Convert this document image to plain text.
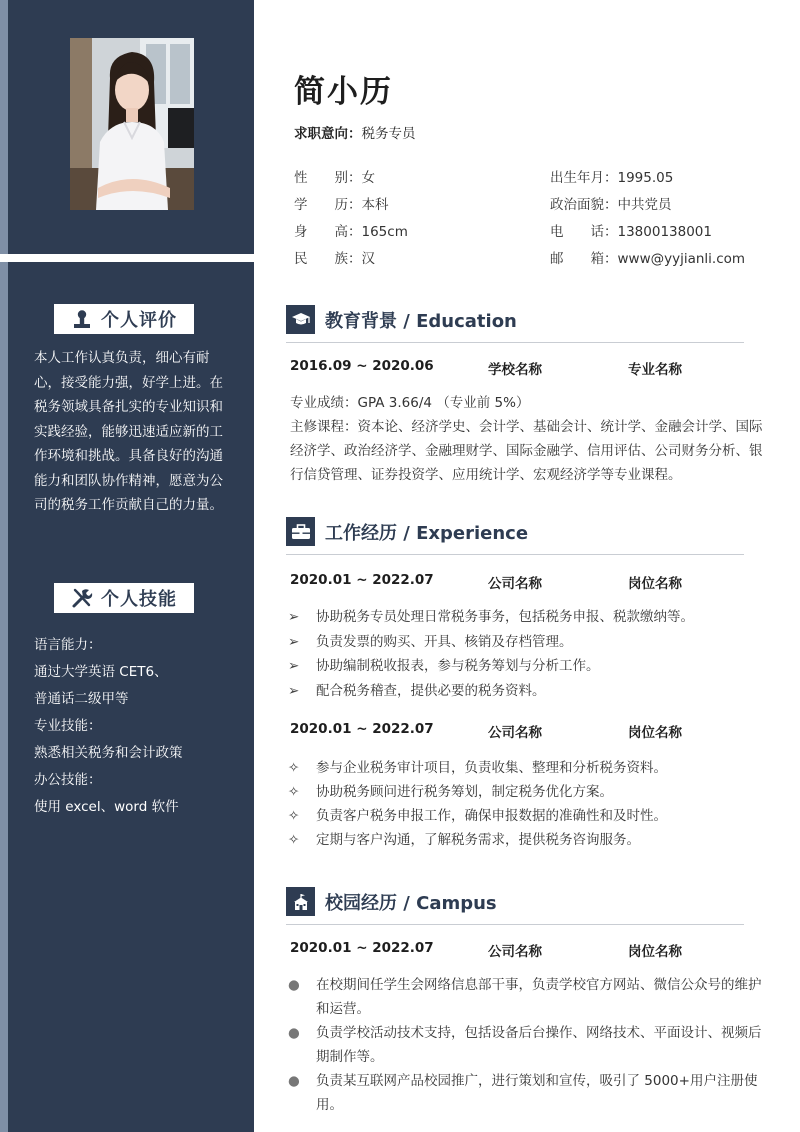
个人评价
本人工作认真负责，细心有耐心，接受能力强，好学上进。在税务领域具备扎实的专业知识和实践经验，能够迅速适应新的工作环境和挑战。具备良好的沟通能力和团队协作精神，愿意为公司的税务工作贡献自己的力量。
个人技能
语言能力：
通过大学英语 CET6、
普通话二级甲等
专业技能：
熟悉相关税务和会计政策
办公技能：
使用 excel、word 软件
简小历
求职意向：税务专员
性　　别：女	出生年月：1995.05
学　　历：本科	政治面貌：中共党员
身　　高：165cm	电　　话：13800138001
民　　族：汉	邮　　箱：www@yyjianli.com
教育背景 / Education
2016.09 ~ 2020.06	学校名称	专业名称
专业成绩：GPA 3.66/4 （专业前 5%）
主修课程：资本论、经济学史、会计学、基础会计、统计学、金融会计学、国际经济学、政治经济学、金融理财学、国际金融学、信用评估、公司财务分析、银行信贷管理、证券投资学、应用统计学、宏观经济学等专业课程。
工作经历 / Experience
2020.01 ~ 2022.07	公司名称	岗位名称
➢ 协助税务专员处理日常税务事务，包括税务申报、税款缴纳等。
➢ 负责发票的购买、开具、核销及存档管理。
➢ 协助编制税收报表，参与税务筹划与分析工作。
➢ 配合税务稽查，提供必要的税务资料。
2020.01 ~ 2022.07	公司名称	岗位名称
✧ 参与企业税务审计项目，负责收集、整理和分析税务资料。
✧ 协助税务顾问进行税务筹划，制定税务优化方案。
✧ 负责客户税务申报工作，确保申报数据的准确性和及时性。
✧ 定期与客户沟通，了解税务需求，提供税务咨询服务。
校园经历 / Campus
2020.01 ~ 2022.07	公司名称	岗位名称
● 在校期间任学生会网络信息部干事，负责学校官方网站、微信公众号的维护和运营。
● 负责学校活动技术支持，包括设备后台操作、网络技术、平面设计、视频后期制作等。
● 负责某互联网产品校园推广，进行策划和宣传，吸引了 5000+用户注册使用。
